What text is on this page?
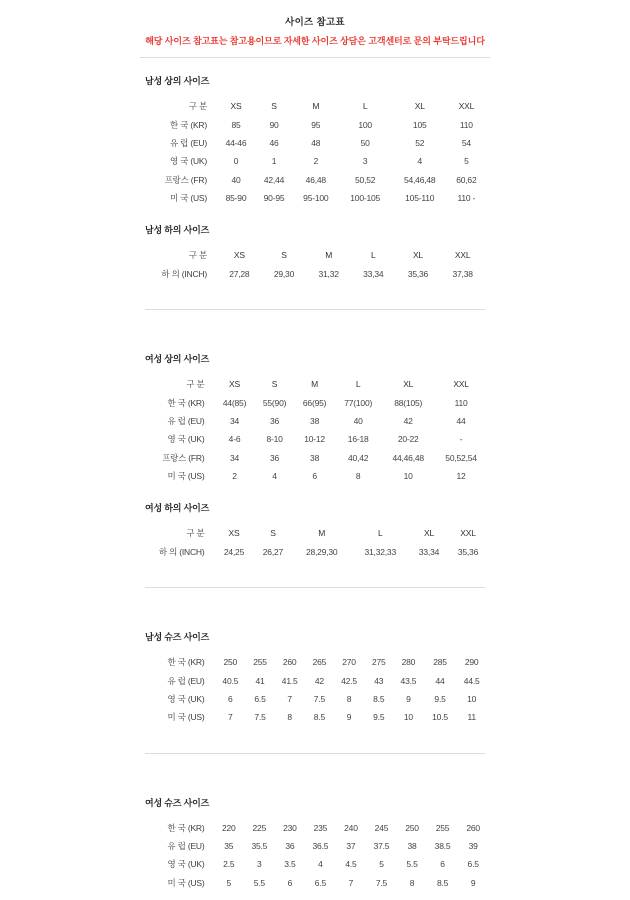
사이즈 참고표
해당 사이즈 참고표는 참고용이므로 자세한 사이즈 상담은 고객센터로 문의 부탁드립니다
남성 상의 사이즈
구 분	XS	S	M	L	XL	XXL
한 국 (KR)	85	90	95	100	105	110
유 럽 (EU)	44-46	46	48	50	52	54
영 국 (UK)	0	1	2	3	4	5
프랑스 (FR)	40	42,44	46,48	50,52	54,46,48	60,62
미 국 (US)	85-90	90-95	95-100	100-105	105-110	110 -
남성 하의 사이즈
구 분	XS	S	M	L	XL	XXL
하 의 (INCH)	27,28	29,30	31,32	33,34	35,36	37,38
여성 상의 사이즈
구 분	XS	S	M	L	XL	XXL
한 국 (KR)	44(85)	55(90)	66(95)	77(100)	88(105)	110
유 럽 (EU)	34	36	38	40	42	44
영 국 (UK)	4-6	8-10	10-12	16-18	20-22	-
프랑스 (FR)	34	36	38	40,42	44,46,48	50,52,54
미 국 (US)	2	4	6	8	10	12
여성 하의 사이즈
구 분	XS	S	M	L	XL	XXL
하 의 (INCH)	24,25	26,27	28,29,30	31,32,33	33,34	35,36
남성 슈즈 사이즈
한 국 (KR)	250	255	260	265	270	275	280	285	290
유 럽 (EU)	40.5	41	41.5	42	42.5	43	43.5	44	44.5
영 국 (UK)	6	6.5	7	7.5	8	8.5	9	9.5	10
미 국 (US)	7	7.5	8	8.5	9	9.5	10	10.5	11
여성 슈즈 사이즈
한 국 (KR)	220	225	230	235	240	245	250	255	260
유 럽 (EU)	35	35.5	36	36.5	37	37.5	38	38.5	39
영 국 (UK)	2.5	3	3.5	4	4.5	5	5.5	6	6.5
미 국 (US)	5	5.5	6	6.5	7	7.5	8	8.5	9
